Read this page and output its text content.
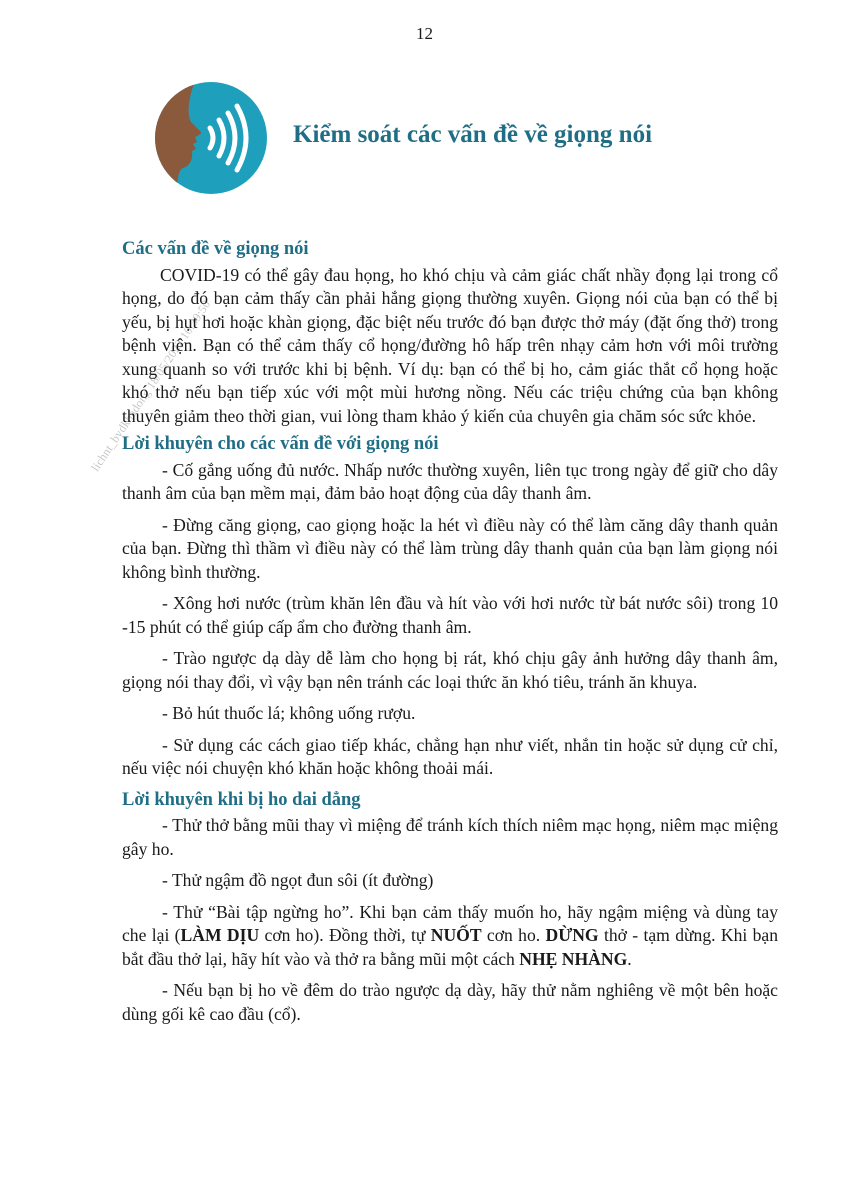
12
Kiểm soát các vấn đề về giọng nói
lichnt_bvdkhadong 18/05/2022 10:39:50
Các vấn đề về giọng nói

COVID-19 có thể gây đau họng, ho khó chịu và cảm giác chất nhầy đọng lại trong cổ họng, do đó bạn cảm thấy cần phải hắng giọng thường xuyên. Giọng nói của bạn có thể bị yếu, bị hụt hơi hoặc khàn giọng, đặc biệt nếu trước đó bạn được thở máy (đặt ống thở) trong bệnh viện. Bạn có thể cảm thấy cổ họng/đường hô hấp trên nhạy cảm hơn với môi trường xung quanh so với trước khi bị bệnh. Ví dụ: bạn có thể bị ho, cảm giác thắt cổ họng hoặc khó thở nếu bạn tiếp xúc với một mùi hương nồng. Nếu các triệu chứng của bạn không thuyên giảm theo thời gian, vui lòng tham khảo ý kiến của chuyên gia chăm sóc sức khỏe.

Lời khuyên cho các vấn đề với giọng nói

- Cố gắng uống đủ nước. Nhấp nước thường xuyên, liên tục trong ngày để giữ cho dây thanh âm của bạn mềm mại, đảm bảo hoạt động của dây thanh âm.

- Đừng căng giọng, cao giọng hoặc la hét vì điều này có thể làm căng dây thanh quản của bạn. Đừng thì thầm vì điều này có thể làm trùng dây thanh quản của bạn làm giọng nói không bình thường.

- Xông hơi nước (trùm khăn lên đầu và hít vào với hơi nước từ bát nước sôi) trong 10 -15 phút có thể giúp cấp ẩm cho đường thanh âm.

- Trào ngược dạ dày dễ làm cho họng bị rát, khó chịu gây ảnh hưởng dây thanh âm, giọng nói thay đổi, vì vậy bạn nên tránh các loại thức ăn khó tiêu, tránh ăn khuya.

- Bỏ hút thuốc lá; không uống rượu.

- Sử dụng các cách giao tiếp khác, chẳng hạn như viết, nhắn tin hoặc sử dụng cử chỉ, nếu việc nói chuyện khó khăn hoặc không thoải mái.

Lời khuyên khi bị ho dai dẳng

- Thử thở bằng mũi thay vì miệng để tránh kích thích niêm mạc họng, niêm mạc miệng gây ho.

- Thử ngậm đồ ngọt đun sôi (ít đường)

- Thử “Bài tập ngừng ho”. Khi bạn cảm thấy muốn ho, hãy ngậm miệng và dùng tay che lại (LÀM DỊU cơn ho). Đồng thời, tự NUỐT cơn ho. DỪNG thở - tạm dừng. Khi bạn bắt đầu thở lại, hãy hít vào và thở ra bằng mũi một cách NHẸ NHÀNG.

- Nếu bạn bị ho về đêm do trào ngược dạ dày, hãy thử nằm nghiêng về một bên hoặc dùng gối kê cao đầu (cổ).
